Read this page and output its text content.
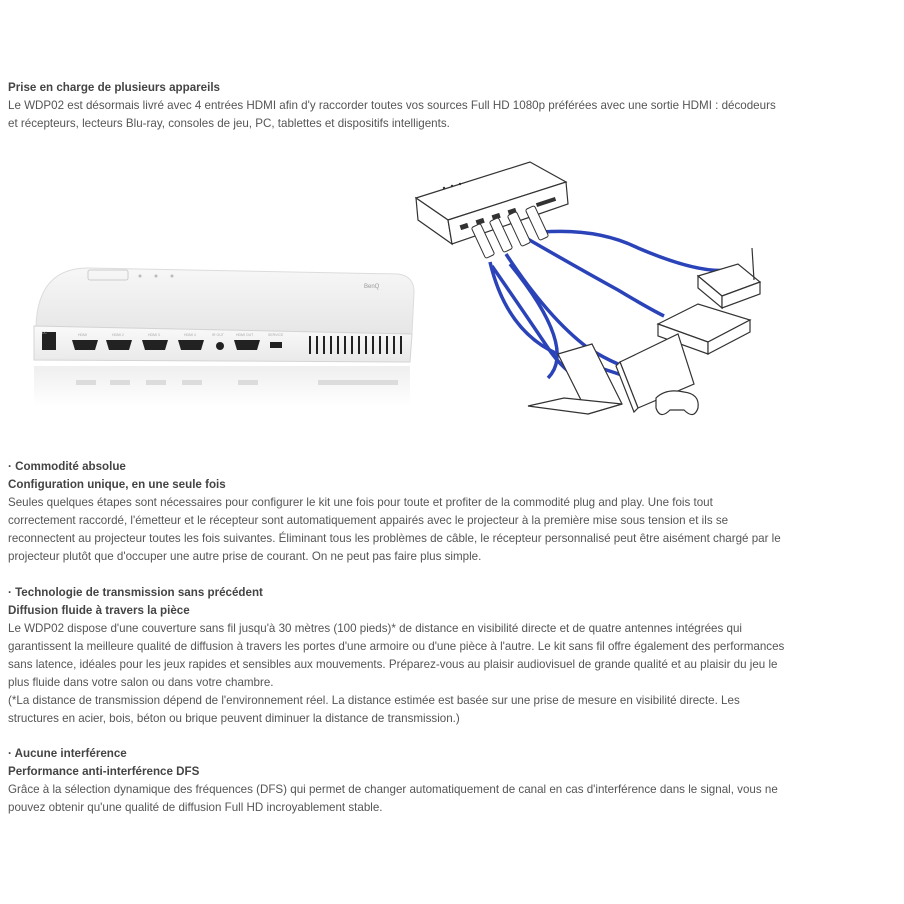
Prise en charge de plusieurs appareils

Le WDP02 est désormais livré avec 4 entrées HDMI afin d'y raccorder toutes vos sources Full HD 1080p préférées avec une sortie HDMI : décodeurs

et récepteurs, lecteurs Blu-ray, consoles de jeu, PC, tablettes et dispositifs intelligents.

BenQ
DC	HDMI	HDMI 2	HDMI 3	HDMI 4	IR OUT	HDMI OUT	SERVICE

· Commodité absolue

Configuration unique, en une seule fois

Seules quelques étapes sont nécessaires pour configurer le kit une fois pour toute et profiter de la commodité plug and play. Une fois tout

correctement raccordé, l'émetteur et le récepteur sont automatiquement appairés avec le projecteur à la première mise sous tension et ils se

reconnectent au projecteur toutes les fois suivantes. Éliminant tous les problèmes de câble, le récepteur personnalisé peut être aisément chargé par le

projecteur plutôt que d'occuper une autre prise de courant. On ne peut pas faire plus simple.

· Technologie de transmission sans précédent

Diffusion fluide à travers la pièce

Le WDP02 dispose d'une couverture sans fil jusqu'à 30 mètres (100 pieds)* de distance en visibilité directe et de quatre antennes intégrées qui

garantissent la meilleure qualité de diffusion à travers les portes d'une armoire ou d'une pièce à l'autre. Le kit sans fil offre également des performances

sans latence, idéales pour les jeux rapides et sensibles aux mouvements. Préparez-vous au plaisir audiovisuel de grande qualité et au plaisir du jeu le

plus fluide dans votre salon ou dans votre chambre.

(*La distance de transmission dépend de l'environnement réel. La distance estimée est basée sur une prise de mesure en visibilité directe. Les

structures en acier, bois, béton ou brique peuvent diminuer la distance de transmission.)

· Aucune interférence

Performance anti-interférence DFS

Grâce à la sélection dynamique des fréquences (DFS) qui permet de changer automatiquement de canal en cas d'interférence dans le signal, vous ne

pouvez obtenir qu'une qualité de diffusion Full HD incroyablement stable.
